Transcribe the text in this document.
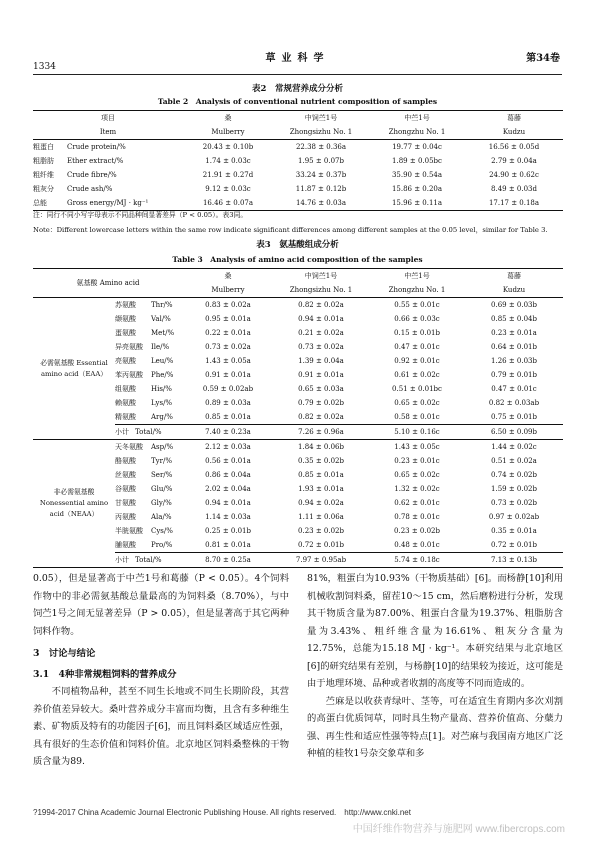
草业科学
1334
第34卷
表2　常规营养成分分析
Table 2　Analysis of conventional nutrient composition of samples
项目	桑	中饲苎1号	中苎1号	葛藤
Item	Mulberry	Zhongsizhu No. 1	Zhongzhu No. 1	Kudzu
粗蛋白 Crude protein/%	20.43 ± 0.10b	22.38 ± 0.36a	19.77 ± 0.04c	16.56 ± 0.05d
粗脂肪 Ether extract/%	1.74 ± 0.03c	1.95 ± 0.07b	1.89 ± 0.05bc	2.79 ± 0.04a
粗纤维 Crude fibre/%	21.91 ± 0.27d	33.24 ± 0.37b	35.90 ± 0.54a	24.90 ± 0.62c
粗灰分 Crude ash/%	9.12 ± 0.03c	11.87 ± 0.12b	15.86 ± 0.20a	8.49 ± 0.03d
总能 Gross energy/MJ · kg⁻¹	16.46 ± 0.07a	14.76 ± 0.03a	15.96 ± 0.11a	17.17 ± 0.18a
注：同行不同小写字母表示不同品种间显著差异（P < 0.05）。表3同。
Note：Different lowercase letters within the same row indicate significant differences among different samples at the 0.05 level，similar for Table 3.
表3　氨基酸组成分析
Table 3　Analysis of amino acid composition of the samples
氨基酸 Amino acid		桑	中饲苎1号	中苎1号	葛藤
		Mulberry	Zhongsizhu No. 1	Zhongzhu No. 1	Kudzu
必需氨基酸 Essential amino acid（EAA）	苏氨酸 Thr/%	0.83 ± 0.02a	0.82 ± 0.02a	0.55 ± 0.01c	0.69 ± 0.03b
	缬氨酸 Val/%	0.95 ± 0.01a	0.94 ± 0.01a	0.66 ± 0.03c	0.85 ± 0.04b
	蛋氨酸 Met/%	0.22 ± 0.01a	0.21 ± 0.02a	0.15 ± 0.01b	0.23 ± 0.01a
	异亮氨酸 Ile/%	0.73 ± 0.02a	0.73 ± 0.02a	0.47 ± 0.01c	0.64 ± 0.01b
	亮氨酸 Leu/%	1.43 ± 0.05a	1.39 ± 0.04a	0.92 ± 0.01c	1.26 ± 0.03b
	苯丙氨酸 Phe/%	0.91 ± 0.01a	0.91 ± 0.01a	0.61 ± 0.02c	0.79 ± 0.01b
	组氨酸 His/%	0.59 ± 0.02ab	0.65 ± 0.03a	0.51 ± 0.01bc	0.47 ± 0.01c
	赖氨酸 Lys/%	0.89 ± 0.03a	0.79 ± 0.02b	0.65 ± 0.02c	0.82 ± 0.03ab
	精氨酸 Arg/%	0.85 ± 0.01a	0.82 ± 0.02a	0.58 ± 0.01c	0.75 ± 0.01b
	小计 Total/%	7.40 ± 0.23a	7.26 ± 0.96a	5.10 ± 0.16c	6.50 ± 0.09b
非必需氨基酸 Nonessential amino acid（NEAA）	天冬氨酸 Asp/%	2.12 ± 0.03a	1.84 ± 0.06b	1.43 ± 0.05c	1.44 ± 0.02c
	酪氨酸 Tyr/%	0.56 ± 0.01a	0.35 ± 0.02b	0.23 ± 0.01c	0.51 ± 0.02a
	丝氨酸 Ser/%	0.86 ± 0.04a	0.85 ± 0.01a	0.65 ± 0.02c	0.74 ± 0.02b
	谷氨酸 Glu/%	2.02 ± 0.04a	1.93 ± 0.01a	1.32 ± 0.02c	1.59 ± 0.02b
	甘氨酸 Gly/%	0.94 ± 0.01a	0.94 ± 0.02a	0.62 ± 0.01c	0.73 ± 0.02b
	丙氨酸 Ala/%	1.14 ± 0.03a	1.11 ± 0.06a	0.78 ± 0.01c	0.97 ± 0.02ab
	半胱氨酸 Cys/%	0.25 ± 0.01b	0.23 ± 0.02b	0.23 ± 0.02b	0.35 ± 0.01a
	脯氨酸 Pro/%	0.81 ± 0.01a	0.72 ± 0.01b	0.48 ± 0.01c	0.72 ± 0.01b
	小计 Total/%	8.70 ± 0.25a	7.97 ± 0.95ab	5.74 ± 0.18c	7.13 ± 0.13b

0.05），但是显著高于中苎1号和葛藤（P < 0.05）。4个饲料作物中的非必需氨基酸总量最高的为饲料桑（8.70%），与中饲苎1号之间无显著差异（P > 0.05），但是显著高于其它两种饲料作物。

3　讨论与结论

3.1　4种非常规粗饲料的营养成分

不同植物品种，甚至不同生长地或不同生长期阶段，其营养价值差异较大。桑叶营养成分丰富而均衡，且含有多种维生素、矿物质及特有的功能因子[6]，而且饲料桑区域适应性强，具有很好的生态价值和饲料价值。北京地区饲料桑整株的干物质含量为89.

81%，粗蛋白为10.93%（干物质基础）[6]。而杨静[10]利用机械收割饲料桑，留茬10～15 cm，然后磨粉进行分析，发现其干物质含量为87.00%、粗蛋白含量为19.37%、粗脂肪含量为3.43%、粗纤维含量为16.61%、粗灰分含量为12.75%，总能为15.18 MJ · kg⁻¹。本研究结果与北京地区[6]的研究结果有差别，与杨静[10]的结果较为接近，这可能是由于地理环境、品种或者收割的高度等不同而造成的。

苎麻是以收获青绿叶、茎等，可在适宜生育期内多次刈割的高蛋白优质饲草，同时具生物产量高、营养价值高、分蘖力强、再生性和适应性强等特点[1]。对苎麻与我国南方地区广泛种植的桂牧1号杂交象草和多

?1994-2017 China Academic Journal Electronic Publishing House. All rights reserved.　http://www.cnki.net
中国纤维作物营养与施肥网 www.fibercrops.com
